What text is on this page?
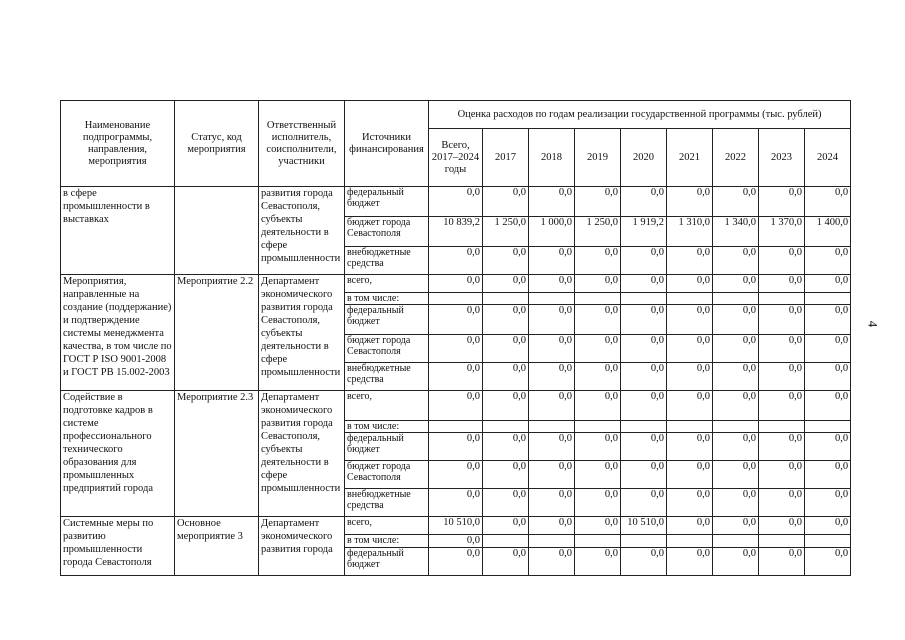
Наименование подпрограммы, направления, мероприятия	Статус, код мероприятия	Ответственный исполнитель, соисполнители, участники	Источники финансирования	Оценка расходов по годам реализации государственной программы (тыс. рублей)								
				Всего, 2017–2024 годы	2017	2018	2019	2020	2021	2022	2023	2024
в сфере промышленности в выставках		развития города Севастополя, субъекты деятельности в сфере промышленности	федеральный бюджет	0,0	0,0	0,0	0,0	0,0	0,0	0,0	0,0	0,0
			бюджет города Севастополя	10 839,2	1 250,0	1 000,0	1 250,0	1 919,2	1 310,0	1 340,0	1 370,0	1 400,0
			внебюджетные средства	0,0	0,0	0,0	0,0	0,0	0,0	0,0	0,0	0,0
Мероприятия, направленные на создание (поддержание) и подтверждение системы менеджмента качества, в том числе по ГОСТ Р ISO 9001-2008 и ГОСТ РВ 15.002-2003	Мероприятие 2.2	Департамент экономического развития города Севастополя, субъекты деятельности в сфере промышленности	всего,	0,0	0,0	0,0	0,0	0,0	0,0	0,0	0,0	0,0
			в том числе:									
			федеральный бюджет	0,0	0,0	0,0	0,0	0,0	0,0	0,0	0,0	0,0
			бюджет города Севастополя	0,0	0,0	0,0	0,0	0,0	0,0	0,0	0,0	0,0
			внебюджетные средства	0,0	0,0	0,0	0,0	0,0	0,0	0,0	0,0	0,0
Содействие в подготовке кадров в системе профессионального технического образования для промышленных предприятий города	Мероприятие 2.3	Департамент экономического развития города Севастополя, субъекты деятельности в сфере промышленности	всего,	0,0	0,0	0,0	0,0	0,0	0,0	0,0	0,0	0,0
			в том числе:									
			федеральный бюджет	0,0	0,0	0,0	0,0	0,0	0,0	0,0	0,0	0,0
			бюджет города Севастополя	0,0	0,0	0,0	0,0	0,0	0,0	0,0	0,0	0,0
			внебюджетные средства	0,0	0,0	0,0	0,0	0,0	0,0	0,0	0,0	0,0
Системные меры по развитию промышленности города Севастополя	Основное мероприятие 3	Департамент экономического развития города	всего,	10 510,0	0,0	0,0	0,0	10 510,0	0,0	0,0	0,0	0,0
			в том числе:	0,0								
			федеральный бюджет	0,0	0,0	0,0	0,0	0,0	0,0	0,0	0,0	0,0
4
